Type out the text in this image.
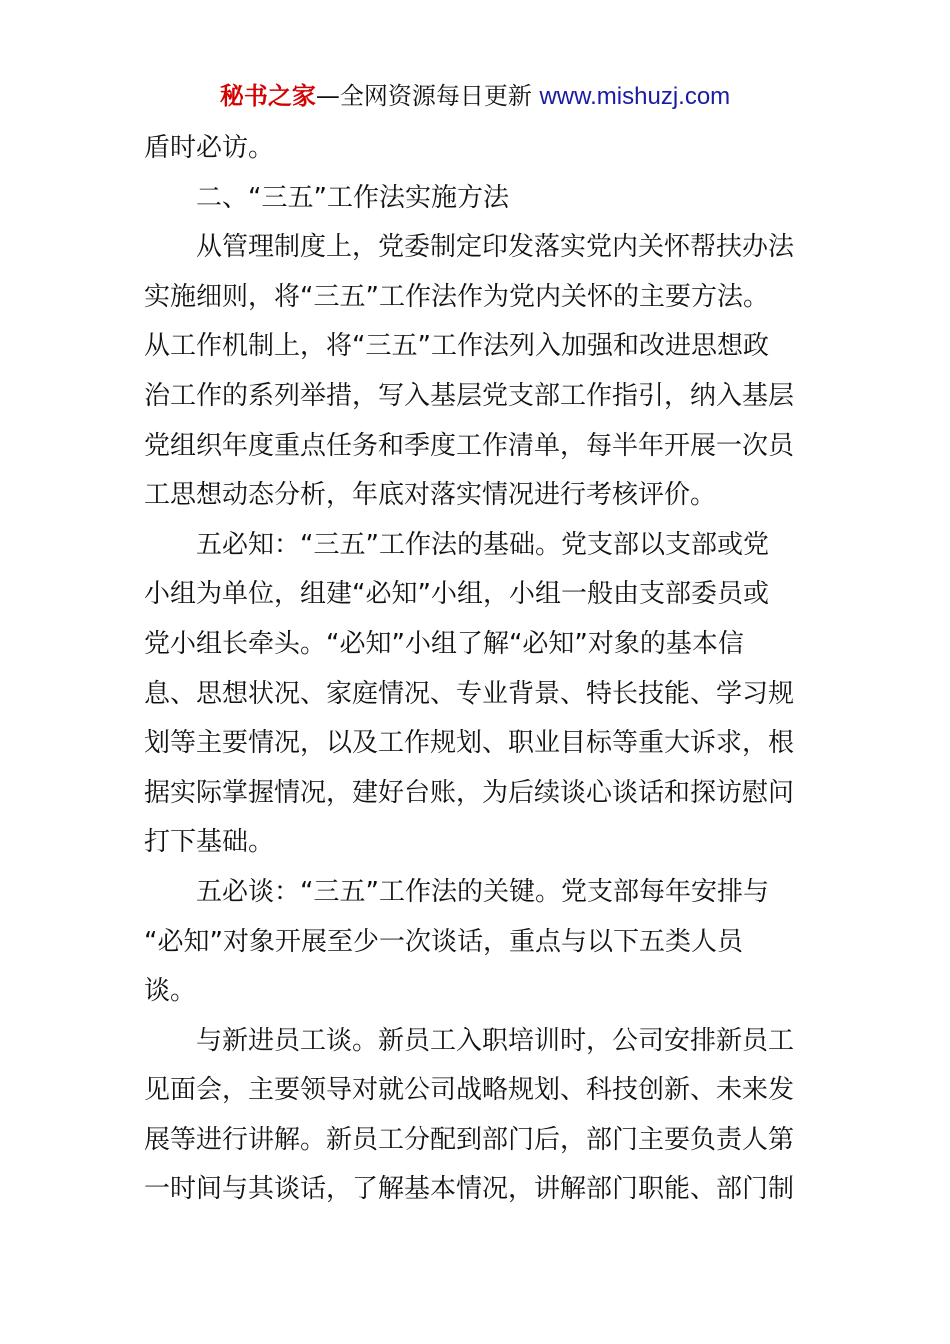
秘书之家—全网资源每日更新 www.mishuzj.com
盾时必访。
二、“三五”工作法实施方法
从管理制度上，党委制定印发落实党内关怀帮扶办法
实施细则，将“三五”工作法作为党内关怀的主要方法。
从工作机制上，将“三五”工作法列入加强和改进思想政
治工作的系列举措，写入基层党支部工作指引，纳入基层
党组织年度重点任务和季度工作清单，每半年开展一次员
工思想动态分析，年底对落实情况进行考核评价。
五必知：“三五”工作法的基础。党支部以支部或党
小组为单位，组建“必知”小组，小组一般由支部委员或
党小组长牵头。“必知”小组了解“必知”对象的基本信
息、思想状况、家庭情况、专业背景、特长技能、学习规
划等主要情况，以及工作规划、职业目标等重大诉求，根
据实际掌握情况，建好台账，为后续谈心谈话和探访慰问
打下基础。
五必谈：“三五”工作法的关键。党支部每年安排与
“必知”对象开展至少一次谈话，重点与以下五类人员
谈。
与新进员工谈。新员工入职培训时，公司安排新员工
见面会，主要领导对就公司战略规划、科技创新、未来发
展等进行讲解。新员工分配到部门后，部门主要负责人第
一时间与其谈话，了解基本情况，讲解部门职能、部门制
